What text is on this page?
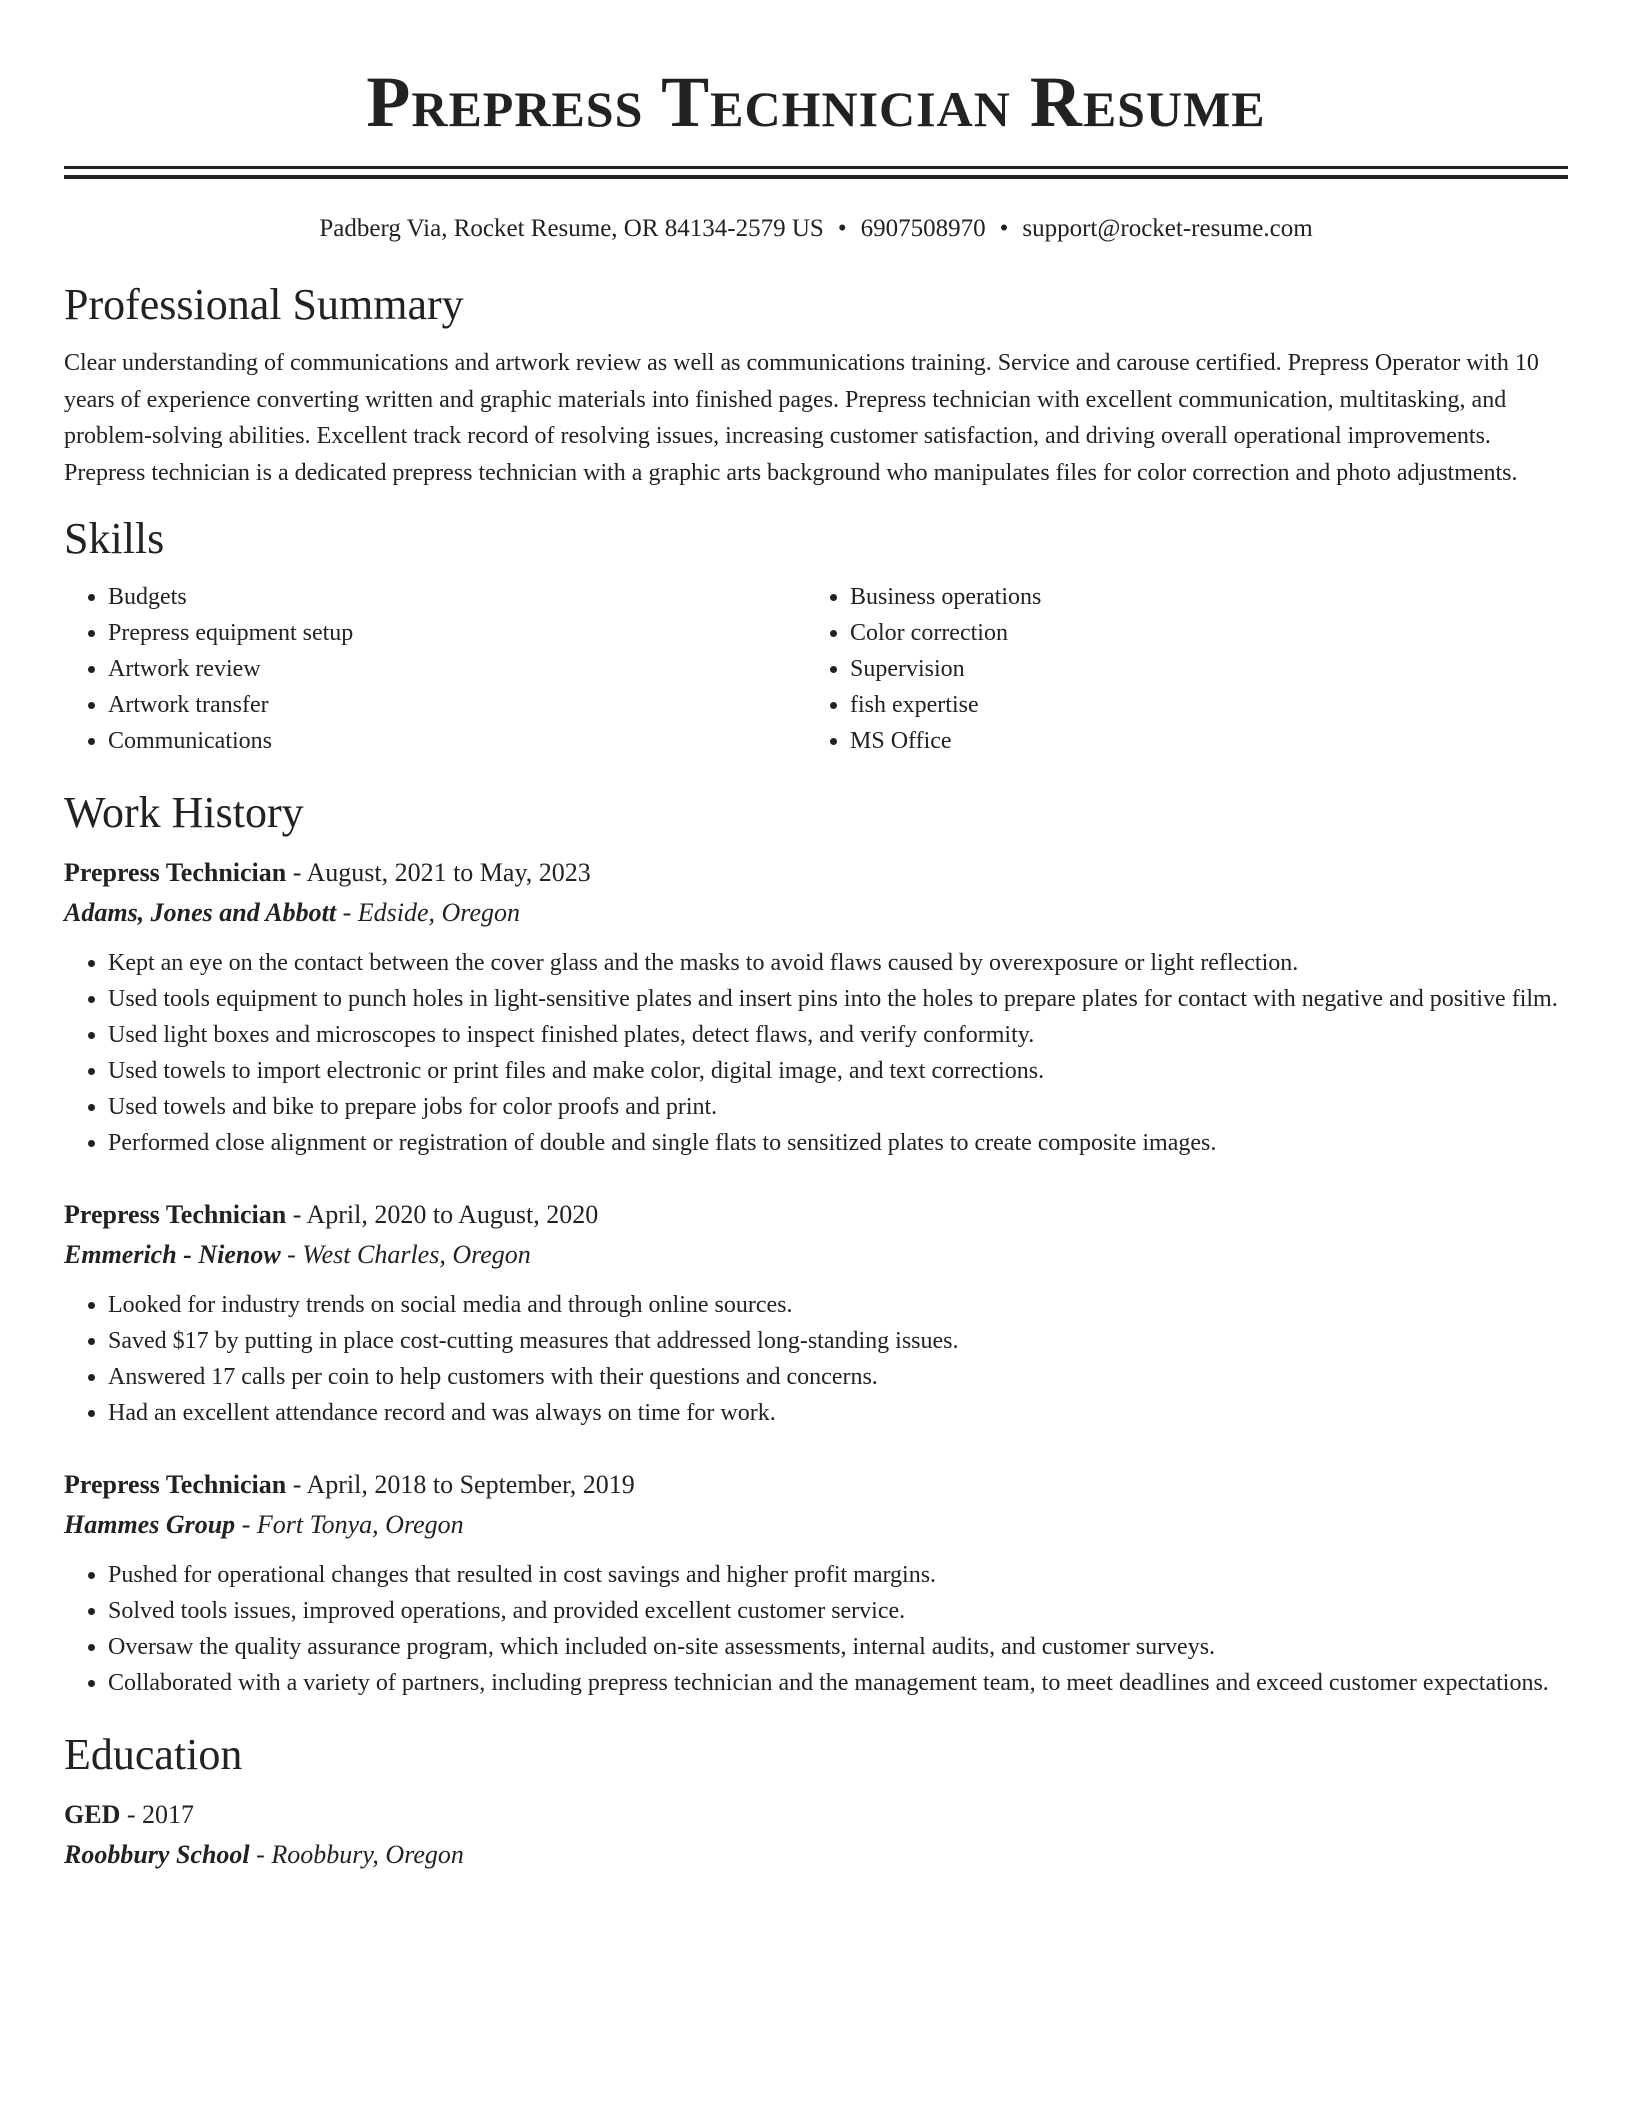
Prepress Technician Resume
Padberg Via, Rocket Resume, OR 84134-2579 US • 6907508970 • support@rocket-resume.com
Professional Summary
Clear understanding of communications and artwork review as well as communications training. Service and carouse certified. Prepress Operator with 10 years of experience converting written and graphic materials into finished pages. Prepress technician with excellent communication, multitasking, and problem-solving abilities. Excellent track record of resolving issues, increasing customer satisfaction, and driving overall operational improvements. Prepress technician is a dedicated prepress technician with a graphic arts background who manipulates files for color correction and photo adjustments.
Skills
• Budgets
• Prepress equipment setup
• Artwork review
• Artwork transfer
• Communications
• Business operations
• Color correction
• Supervision
• fish expertise
• MS Office
Work History
Prepress Technician - August, 2021 to May, 2023
Adams, Jones and Abbott - Edside, Oregon
• Kept an eye on the contact between the cover glass and the masks to avoid flaws caused by overexposure or light reflection.
• Used tools equipment to punch holes in light-sensitive plates and insert pins into the holes to prepare plates for contact with negative and positive film.
• Used light boxes and microscopes to inspect finished plates, detect flaws, and verify conformity.
• Used towels to import electronic or print files and make color, digital image, and text corrections.
• Used towels and bike to prepare jobs for color proofs and print.
• Performed close alignment or registration of double and single flats to sensitized plates to create composite images.
Prepress Technician - April, 2020 to August, 2020
Emmerich - Nienow - West Charles, Oregon
• Looked for industry trends on social media and through online sources.
• Saved $17 by putting in place cost-cutting measures that addressed long-standing issues.
• Answered 17 calls per coin to help customers with their questions and concerns.
• Had an excellent attendance record and was always on time for work.
Prepress Technician - April, 2018 to September, 2019
Hammes Group - Fort Tonya, Oregon
• Pushed for operational changes that resulted in cost savings and higher profit margins.
• Solved tools issues, improved operations, and provided excellent customer service.
• Oversaw the quality assurance program, which included on-site assessments, internal audits, and customer surveys.
• Collaborated with a variety of partners, including prepress technician and the management team, to meet deadlines and exceed customer expectations.
Education
GED - 2017
Roobbury School - Roobbury, Oregon
